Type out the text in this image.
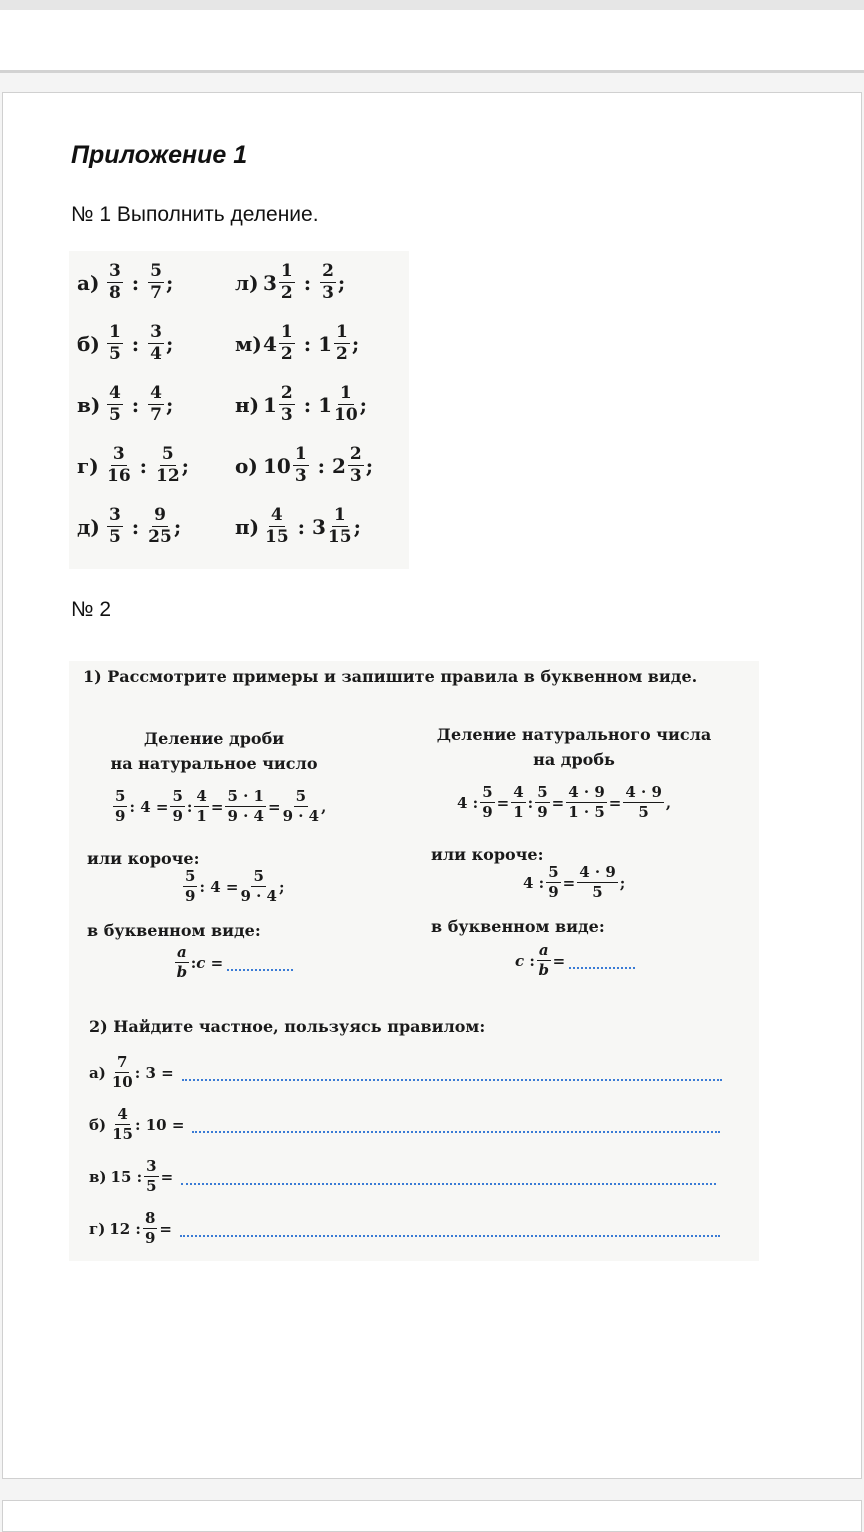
Приложение 1
№ 1 Выполнить деление.
$а) \frac{3}{8}$ : $\frac{5}{7}$ ;
$б) \frac{1}{5}$ : $\frac{3}{4}$ ;
$в) \frac{4}{5}$ : $\frac{4}{7}$ ;
$г) \frac{3}{16}$ : $\frac{5}{12}$ ;
$д) \frac{3}{5}$ : $\frac{9}{25}$ ;
л) $3 \frac{1}{2}$ : $\frac{2}{3}$ ;
м) $4 \frac{1}{2}$ : $1 \frac{1}{2}$ ;
н) $1 \frac{2}{3}$ : $1 \frac{1}{10}$ ;
о) $10 \frac{1}{3}$ : $2 \frac{2}{3}$ ;
$п) \frac{4}{15}$ : $3 \frac{1}{15}$ ;
№ 2
1) Рассмотрите примеры и запишите правила в буквенном виде.
Деление дроби
на натуральное число
Деление натурального числа
на дробь
$\frac{5}{9}$ : $4 = \frac{5}{9}$ : $\frac{4}{1} = \frac{5 \cdot 1}{9 \cdot 4} = \frac{5}{9 \cdot 4}$ ,
или короче:
$\frac{5}{9}$ : $4 = \frac{5}{9 \cdot 4}$ ;
в буквенном виде:
$\frac{a}{b}$ : c =
4 : $\frac{5}{9} = \frac{4}{1}$ : $\frac{5}{9} = \frac{4 \cdot 9}{1 \cdot 5} = \frac{4 \cdot 9}{5}$ ,
или короче:
4 : $\frac{5}{9} = \frac{4 \cdot 9}{5}$ ;
в буквенном виде:
c : $\frac{a}{b}$ =
2) Найдите частное, пользуясь правилом:
$а) \frac{7}{10}$ : 3 =
$б) \frac{4}{15}$ : 10 =
в) 15 : $\frac{3}{5}$ =
г) 12 : $\frac{8}{9}$ =
